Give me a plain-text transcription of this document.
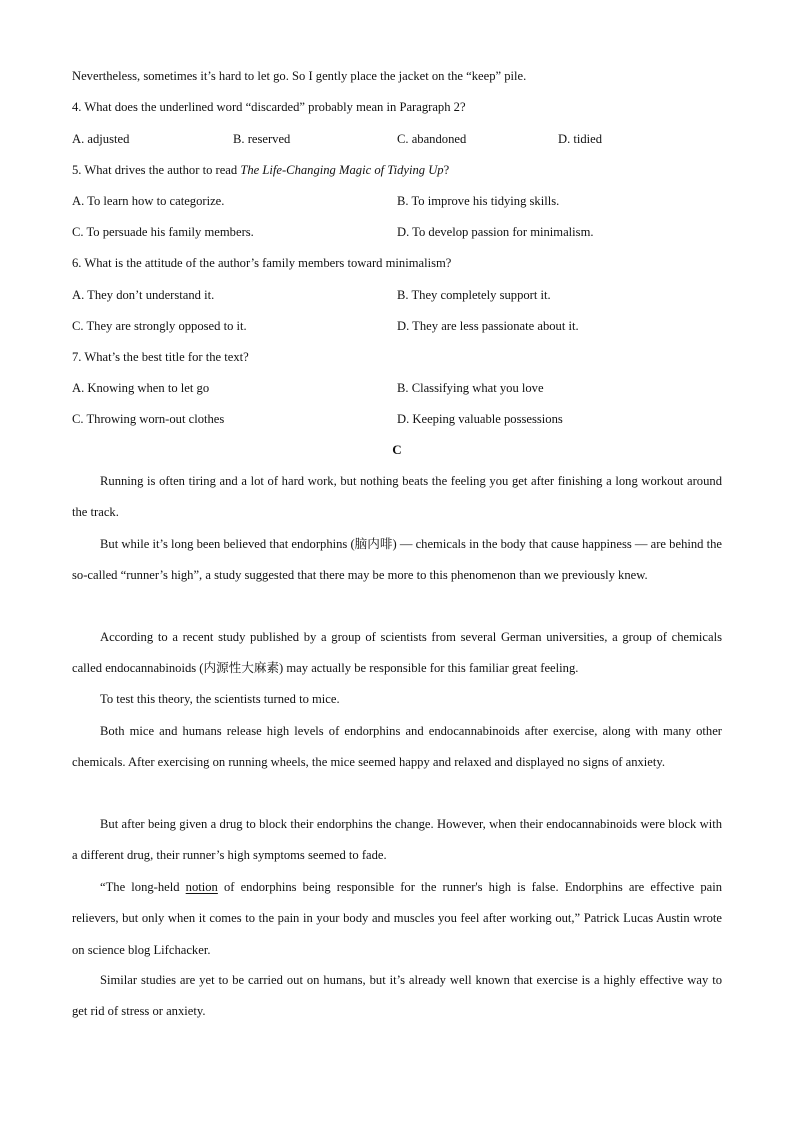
Nevertheless, sometimes it’s hard to let go. So I gently place the jacket on the “keep” pile.
4. What does the underlined word “discarded” probably mean in Paragraph 2?
A. adjusted	B. reserved	C. abandoned	D. tidied
5. What drives the author to read The Life-Changing Magic of Tidying Up?
A. To learn how to categorize.	B. To improve his tidying skills.
C. To persuade his family members.	D. To develop passion for minimalism.
6. What is the attitude of the author’s family members toward minimalism?
A. They don’t understand it.	B. They completely support it.
C. They are strongly opposed to it.	D. They are less passionate about it.
7. What’s the best title for the text?
A. Knowing when to let go	B. Classifying what you love
C. Throwing worn-out clothes	D. Keeping valuable possessions
C
Running is often tiring and a lot of hard work, but nothing beats the feeling you get after finishing a long workout around the track.
But while it’s long been believed that endorphins (脑内啡) — chemicals in the body that cause happiness — are behind the so-called “runner’s high”, a study suggested that there may be more to this phenomenon than we previously knew.
According to a recent study published by a group of scientists from several German universities, a group of chemicals called endocannabinoids (内源性大麻素) may actually be responsible for this familiar great feeling.
To test this theory, the scientists turned to mice.
Both mice and humans release high levels of endorphins and endocannabinoids after exercise, along with many other chemicals. After exercising on running wheels, the mice seemed happy and relaxed and displayed no signs of anxiety.
But after being given a drug to block their endorphins the change. However, when their endocannabinoids were block with a different drug, their runner’s high symptoms seemed to fade.
“The long-held notion of endorphins being responsible for the runner's high is false. Endorphins are effective pain relievers, but only when it comes to the pain in your body and muscles you feel after working out,” Patrick Lucas Austin wrote on science blog Lifchacker.
Similar studies are yet to be carried out on humans, but it’s already well known that exercise is a highly effective way to get rid of stress or anxiety.
